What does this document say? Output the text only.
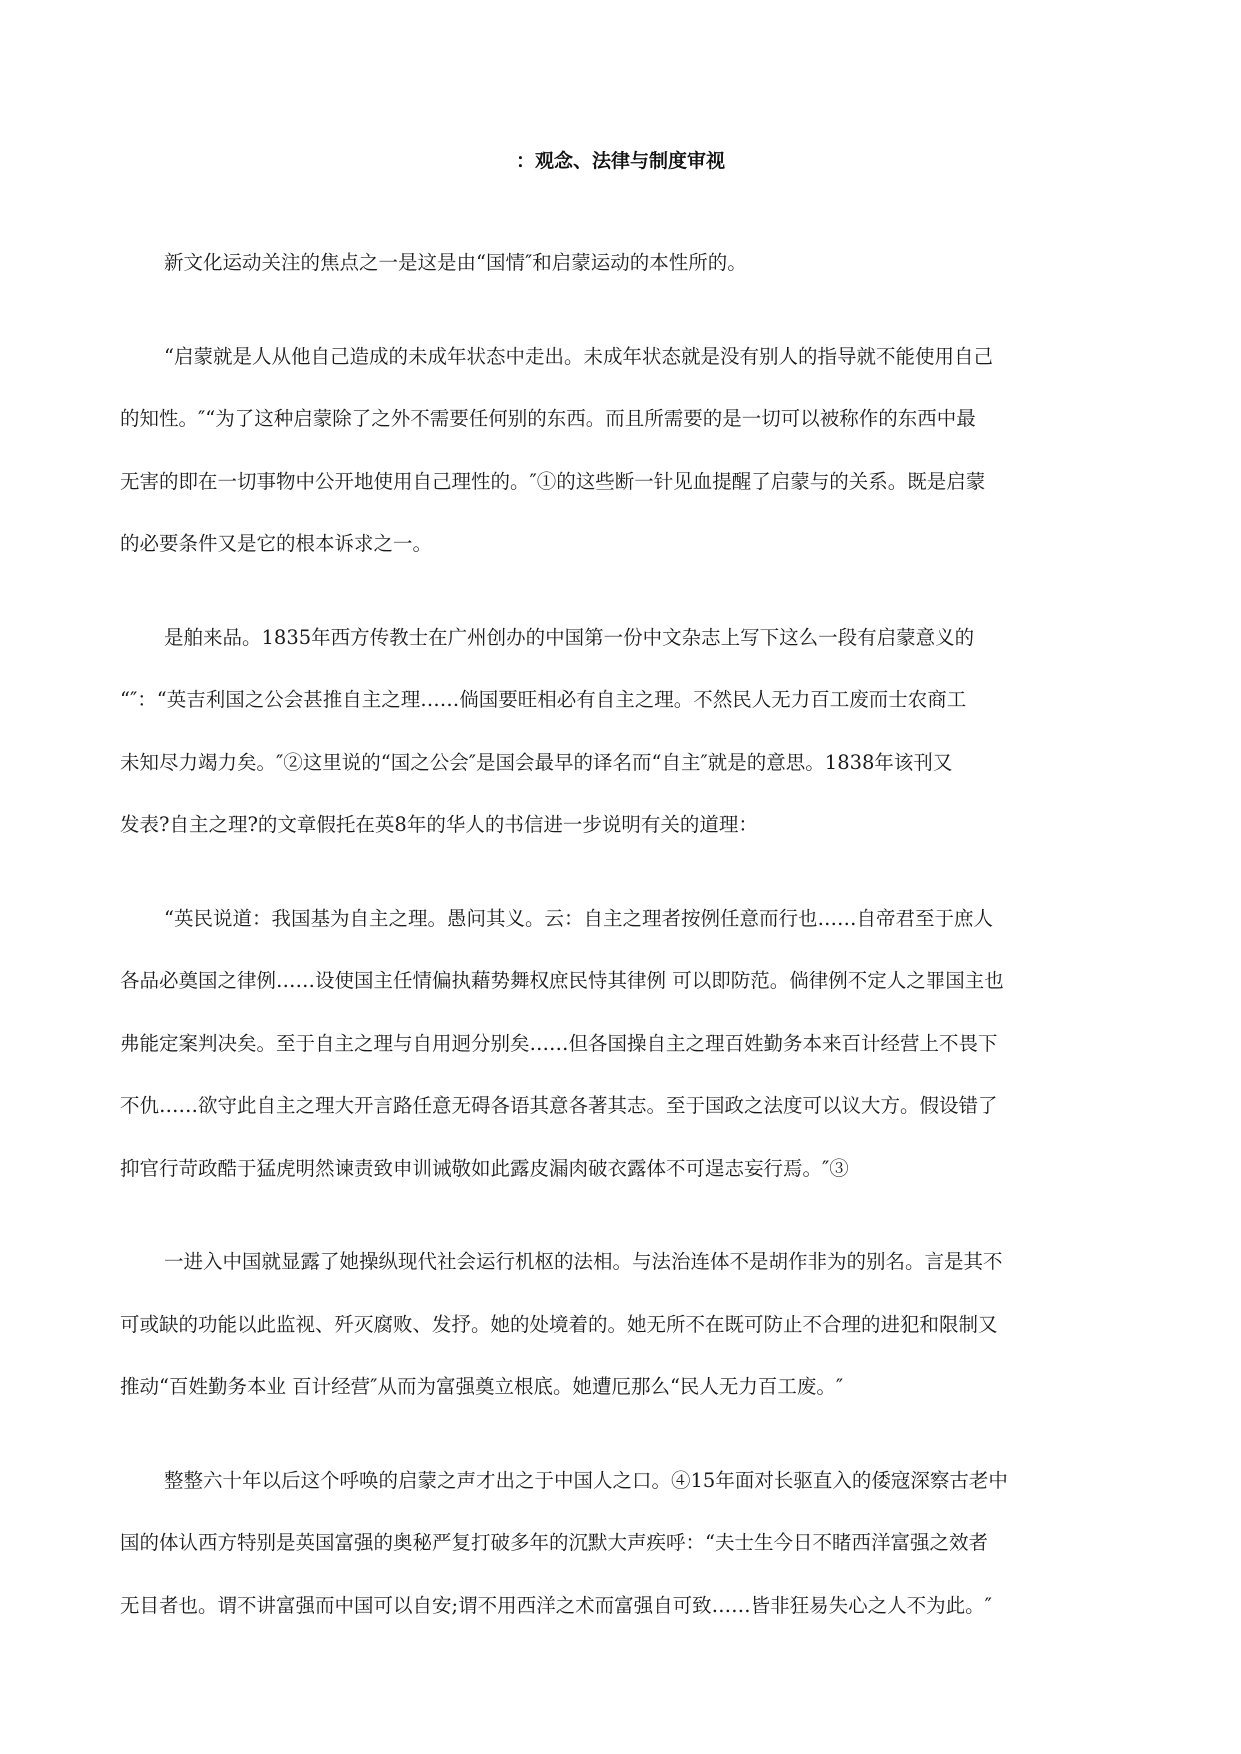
：观念、法律与制度审视

新文化运动关注的焦点之一是这是由“国情″和启蒙运动的本性所的。

“启蒙就是人从他自己造成的未成年状态中走出。未成年状态就是没有别人的指导就不能使用自己
的知性。″“为了这种启蒙除了之外不需要任何别的东西。而且所需要的是一切可以被称作的东西中最
无害的即在一切事物中公开地使用自己理性的。″①的这些断一针见血提醒了启蒙与的关系。既是启蒙
的必要条件又是它的根本诉求之一。

是舶来品。1835年西方传教士在广州创办的中国第一份中文杂志上写下这么一段有启蒙意义的
“″：“英吉利国之公会甚推自主之理……倘国要旺相必有自主之理。不然民人无力百工废而士农商工
未知尽力竭力矣。″②这里说的“国之公会″是国会最早的译名而“自主″就是的意思。1838年该刊又
发表?自主之理?的文章假托在英8年的华人的书信进一步说明有关的道理：

“英民说道：我国基为自主之理。愚问其义。云：自主之理者按例任意而行也……自帝君至于庶人
各品必奠国之律例……设使国主任情偏执藉势舞权庶民恃其律例 可以即防范。倘律例不定人之罪国主也
弗能定案判决矣。至于自主之理与自用迥分别矣……但各国操自主之理百姓勤务本来百计经营上不畏下
不仇……欲守此自主之理大开言路任意无碍各语其意各著其志。至于国政之法度可以议大方。假设错了
抑官行苛政酷于猛虎明然谏责致申训诫敬如此露皮漏肉破衣露体不可逞志妄行焉。″③

一进入中国就显露了她操纵现代社会运行机枢的法相。与法治连体不是胡作非为的别名。言是其不
可或缺的功能以此监视、歼灭腐败、发抒。她的处境着的。她无所不在既可防止不合理的进犯和限制又
推动“百姓勤务本业 百计经营″从而为富强奠立根底。她遭厄那么“民人无力百工废。″

整整六十年以后这个呼唤的启蒙之声才出之于中国人之口。④15年面对长驱直入的倭寇深察古老中
国的体认西方特别是英国富强的奥秘严复打破多年的沉默大声疾呼：“夫士生今日不睹西洋富强之效者
无目者也。谓不讲富强而中国可以自安;谓不用西洋之术而富强自可致……皆非狂易失心之人不为此。″
